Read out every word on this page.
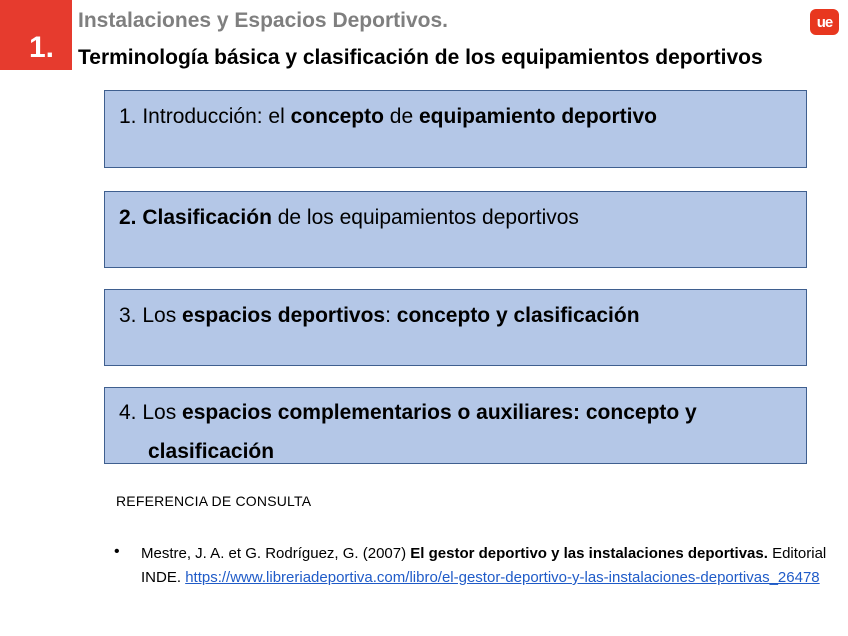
1.
Instalaciones y Espacios Deportivos.
Terminología básica y clasificación de los equipamientos deportivos
ue
1. Introducción: el concepto de equipamiento deportivo
2. Clasificación de los equipamientos deportivos
3. Los espacios deportivos: concepto y clasificación
4. Los espacios complementarios o auxiliares: concepto y
clasificación
REFERENCIA DE CONSULTA
• Mestre, J. A. et G. Rodríguez, G. (2007) El gestor deportivo y las instalaciones deportivas. Editorial INDE. https://www.libreriadeportiva.com/libro/el-gestor-deportivo-y-las-instalaciones-deportivas_26478
